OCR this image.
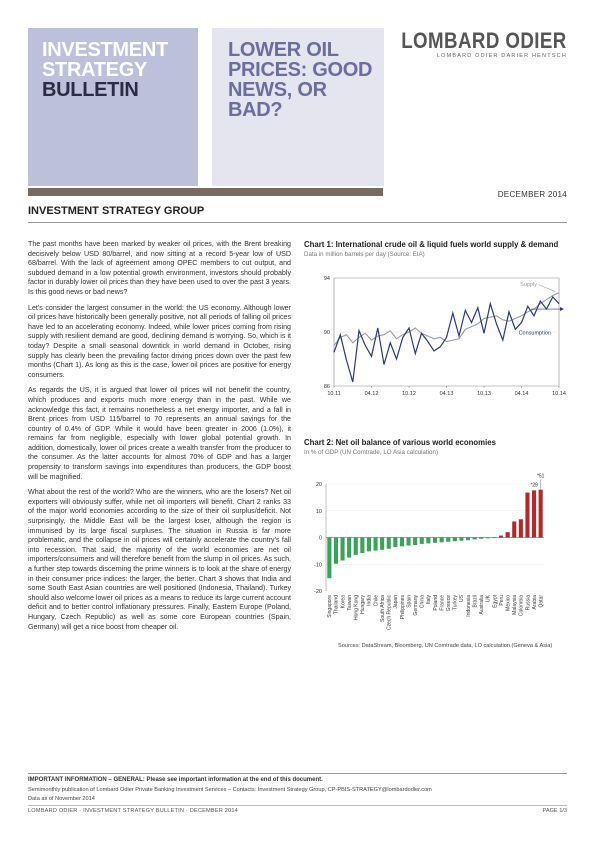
INVESTMENT
STRATEGY
BULLETIN
LOWER OIL
PRICES: GOOD
NEWS, OR BAD?
LOMBARD ODIER
LOMBARD ODIER DARIER HENTSCH
DECEMBER 2014
INVESTMENT STRATEGY GROUP

The past months have been marked by weaker oil prices, with the Brent breaking decisively below USD 80/barrel, and now sitting at a record 5-year low of USD 68/barrel. With the lack of agreement among OPEC members to cut output, and subdued demand in a low potential growth environment, investors should probably factor in durably lower oil prices than they have been used to over the past 3 years. Is this good news or bad news?

Let’s consider the largest consumer in the world: the US economy. Although lower oil prices have historically been generally positive, not all periods of falling oil prices have led to an accelerating economy. Indeed, while lower prices coming from rising supply with resilient demand are good, declining demand is worrying. So, which is it today? Despite a small seasonal downtick in world demand in October, rising supply has clearly been the prevailing factor driving prices down over the past few months (Chart 1). As long as this is the case, lower oil prices are positive for energy consumers.

As regards the US, it is argued that lower oil prices will not benefit the country, which produces and exports much more energy than in the past. While we acknowledge this fact, it remains nonetheless a net energy importer, and a fall in Brent prices from USD 115/barrel to 70 represents an annual savings for the country of 0.4% of GDP. While it would have been greater in 2006 (1.0%), it remains far from negligible, especially with lower global potential growth. In addition, domestically, lower oil prices create a wealth transfer from the producer to the consumer. As the latter accounts for almost 70% of GDP and has a larger propensity to transform savings into expenditures than producers, the GDP boost will be magnified.

What about the rest of the world? Who are the winners, who are the losers? Net oil exporters will obviously suffer, while net oil importers will benefit. Chart 2 ranks 33 of the major world economies according to the size of their oil surplus/deficit. Not surprisingly, the Middle East will be the largest loser, although the region is immunised by its large fiscal surpluses. The situation in Russia is far more problematic, and the collapse in oil prices will certainly accelerate the country’s fall into recession. That said, the majority of the world economies are net oil importers/consumers and will therefore benefit from the slump in oil prices. As such, a further step towards discerning the prime winners is to look at the share of energy in their consumer price indices: the larger, the better. Chart 3 shows that India and some South East Asian countries are well positioned (Indonesia, Thailand). Turkey should also welcome lower oil prices as a means to reduce its large current account deficit and to better control inflationary pressures. Finally, Eastern Europe (Poland, Hungary, Czech Republic) as well as some core European countries (Spain, Germany) will get a nice boost from cheaper oil.

Chart 1: International crude oil & liquid fuels world supply & demand
Data in million barrels per day (Source: EIA)
86
90
94
10.11	04.12	10.12	04.13	10.13	04.14	10.14
Supply
Consumption
Chart 2: Net oil balance of various world economies
In % of GDP (UN Comtrade, LO Asia calculation)
-20
-10
0
10
20
Singapore Thailand Korea Taiwan Hong Kong Hungary India Chile South Africa Czech Republic Japan Philippines Spain Germany China Italy Poland France Greece Turkey US Indonesia Brazil Australia UK Egypt Peru Mexico Malaysia Colombia Russia Arabia Qatar
*29
*51
Sources: DataStream, Bloomberg, UN Comtrade data, LO calculation (Geneva & Asia)
IMPORTANT INFORMATION – GENERAL: Please see important information at the end of this document.
Semimonthly publication of Lombard Odier Private Banking Investment Services – Contacts: Investment Strategy Group, CP-PBIS-STRATEGY@lombardodier.com
Data as of November 2014
LOMBARD ODIER · INVESTMENT STRATEGY BULLETIN · DECEMBER 2014	PAGE 1/3
